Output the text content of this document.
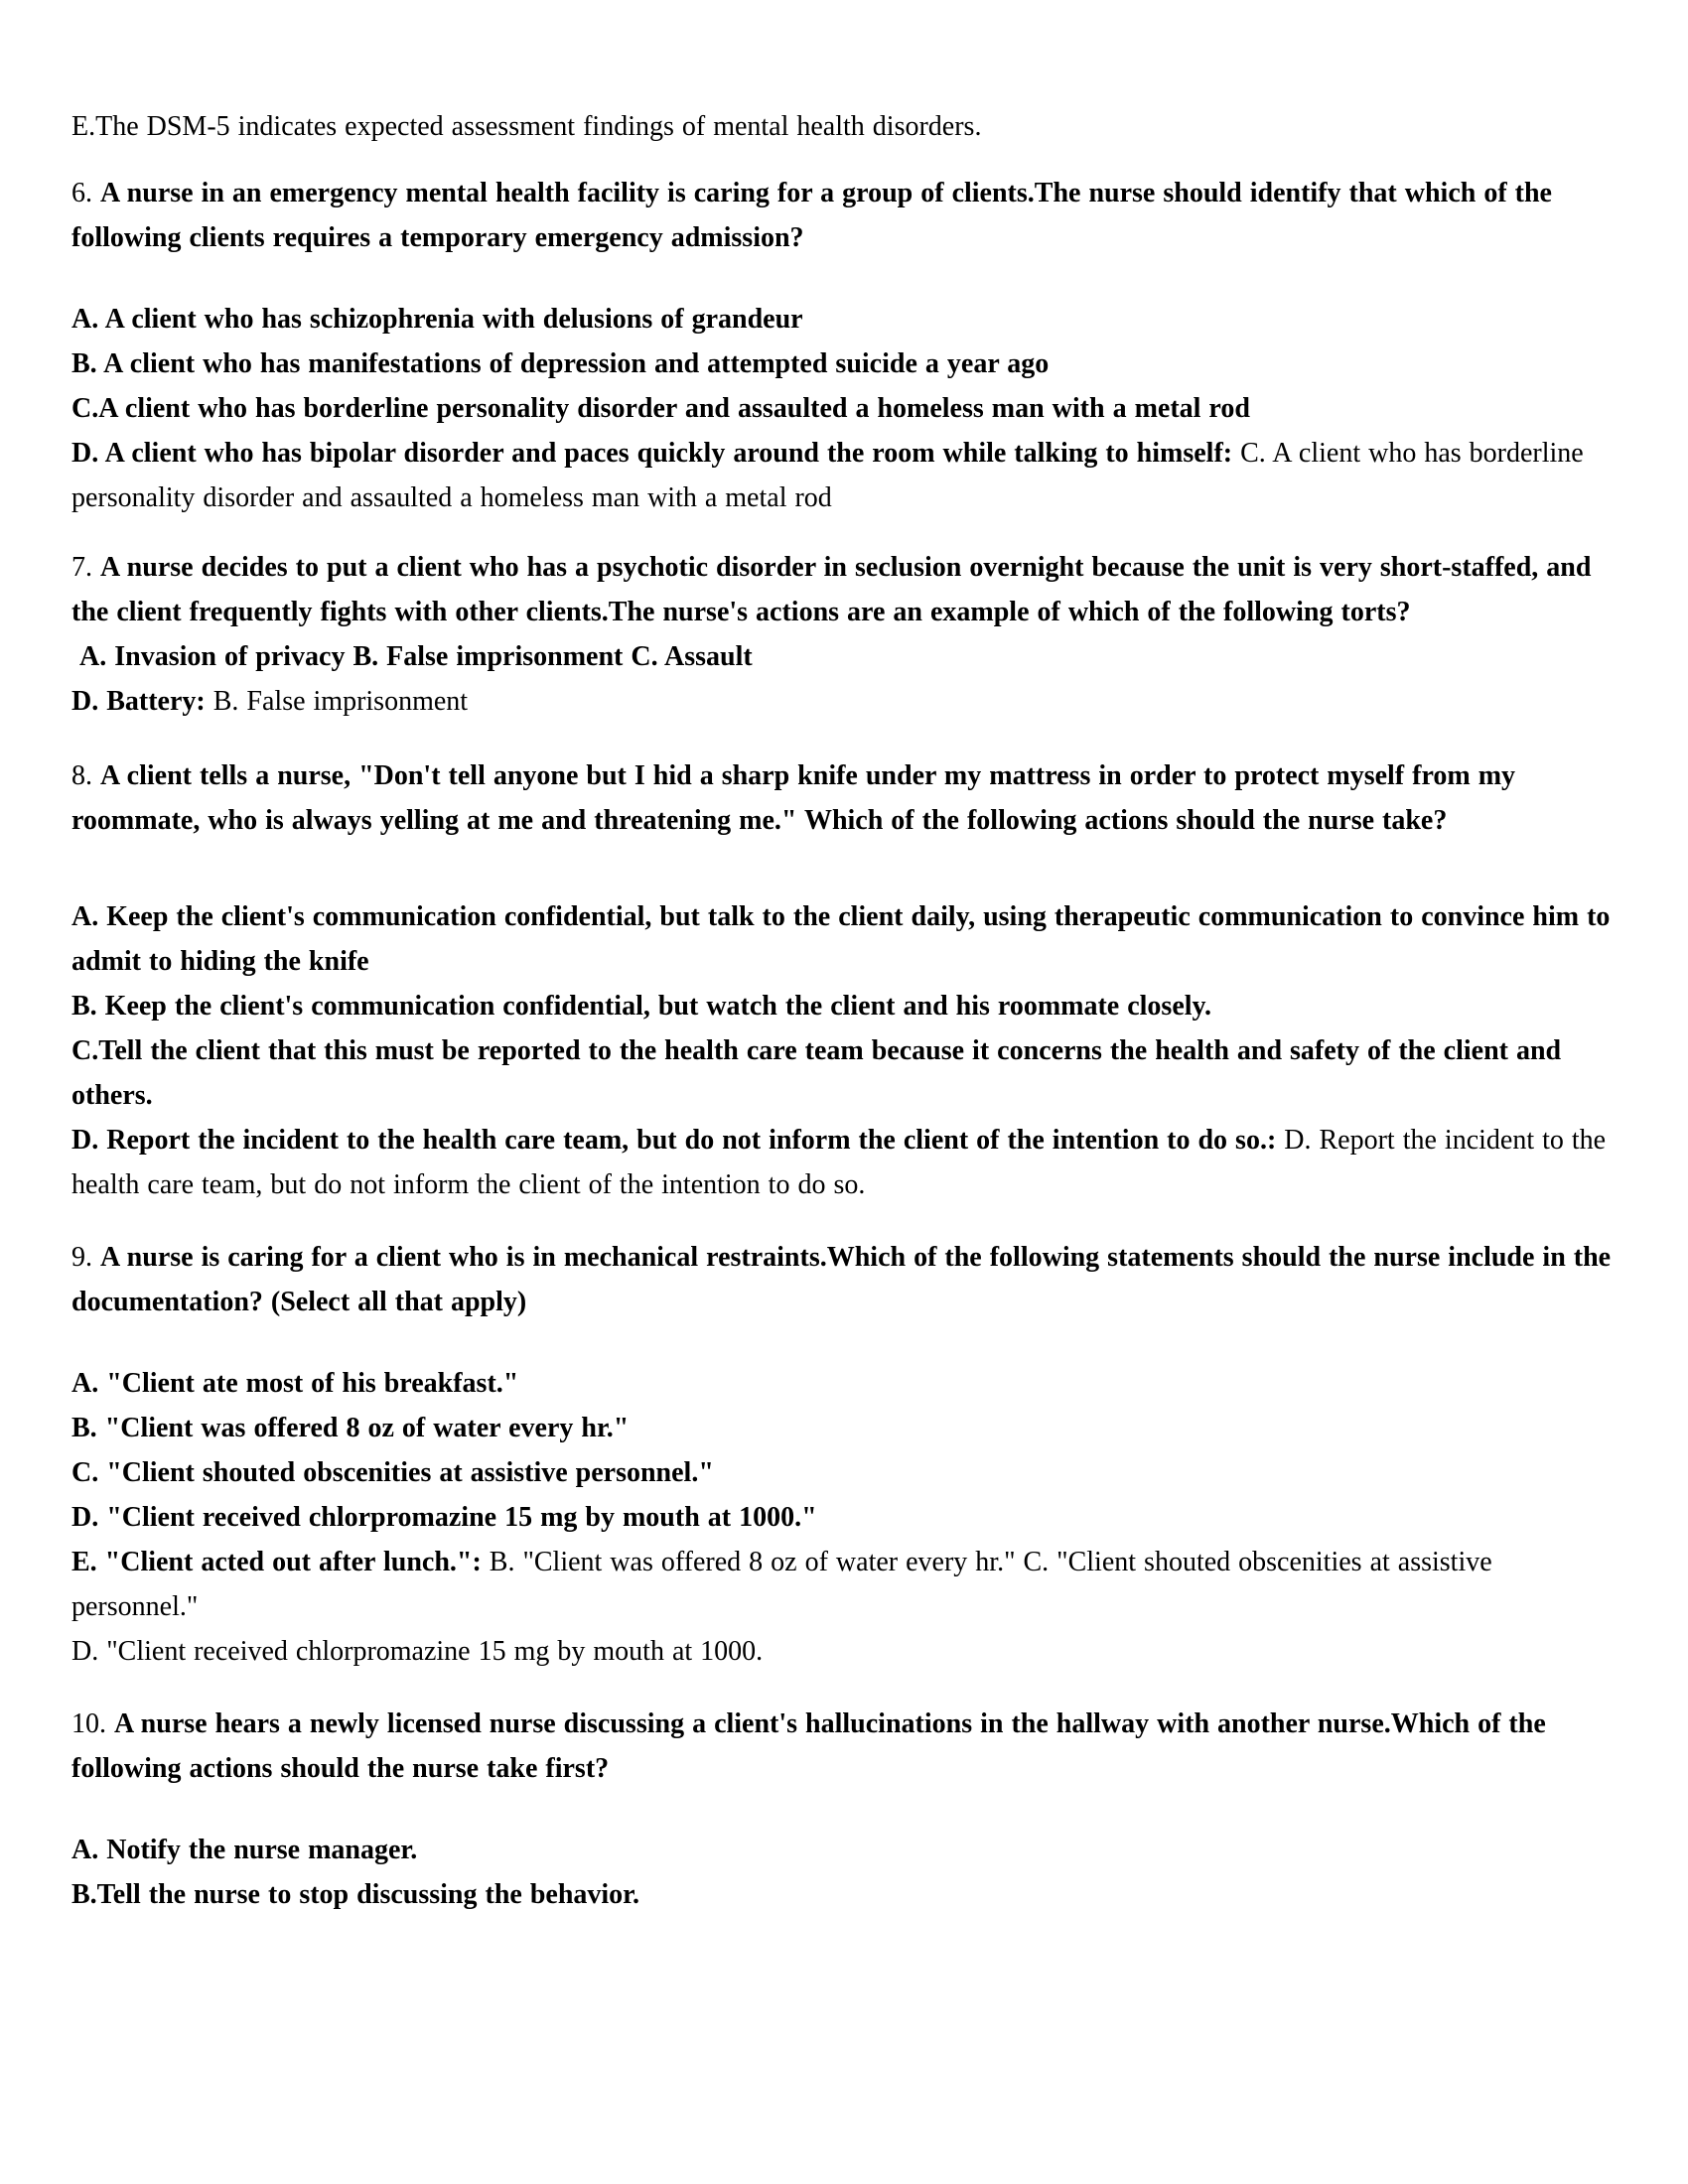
E.The DSM-5 indicates expected assessment findings of mental health disorders.

6. A nurse in an emergency mental health facility is caring for a group of clients.The nurse should identify that which of the following clients requires a temporary emergency admission?

A. A client who has schizophrenia with delusions of grandeur

B. A client who has manifestations of depression and attempted suicide a year ago

C.A client who has borderline personality disorder and assaulted a homeless man with a metal rod

D. A client who has bipolar disorder and paces quickly around the room while talking to himself: C. A client who has borderline personality disorder and assaulted a homeless man with a metal rod

7. A nurse decides to put a client who has a psychotic disorder in seclusion overnight because the unit is very short-staffed, and the client frequently fights with other clients.The nurse's actions are an example of which of the following torts?

A. Invasion of privacy B. False imprisonment C. Assault

D. Battery: B. False imprisonment

8. A client tells a nurse, "Don't tell anyone but I hid a sharp knife under my mattress in order to protect myself from my roommate, who is always yelling at me and threatening me." Which of the following actions should the nurse take?

A. Keep the client's communication confidential, but talk to the client daily, using therapeutic communication to convince him to admit to hiding the knife

B. Keep the client's communication confidential, but watch the client and his roommate closely.

C.Tell the client that this must be reported to the health care team because it concerns the health and safety of the client and others.

D. Report the incident to the health care team, but do not inform the client of the intention to do so.: D. Report the incident to the health care team, but do not inform the client of the intention to do so.

9. A nurse is caring for a client who is in mechanical restraints.Which of the following statements should the nurse include in the documentation? (Select all that apply)

A. "Client ate most of his breakfast."

B. "Client was offered 8 oz of water every hr."

C. "Client shouted obscenities at assistive personnel."

D. "Client received chlorpromazine 15 mg by mouth at 1000."

E. "Client acted out after lunch.": B. "Client was offered 8 oz of water every hr." C. "Client shouted obscenities at assistive personnel."

D. "Client received chlorpromazine 15 mg by mouth at 1000.

10. A nurse hears a newly licensed nurse discussing a client's hallucinations in the hallway with another nurse.Which of the following actions should the nurse take first?

A. Notify the nurse manager.

B.Tell the nurse to stop discussing the behavior.
